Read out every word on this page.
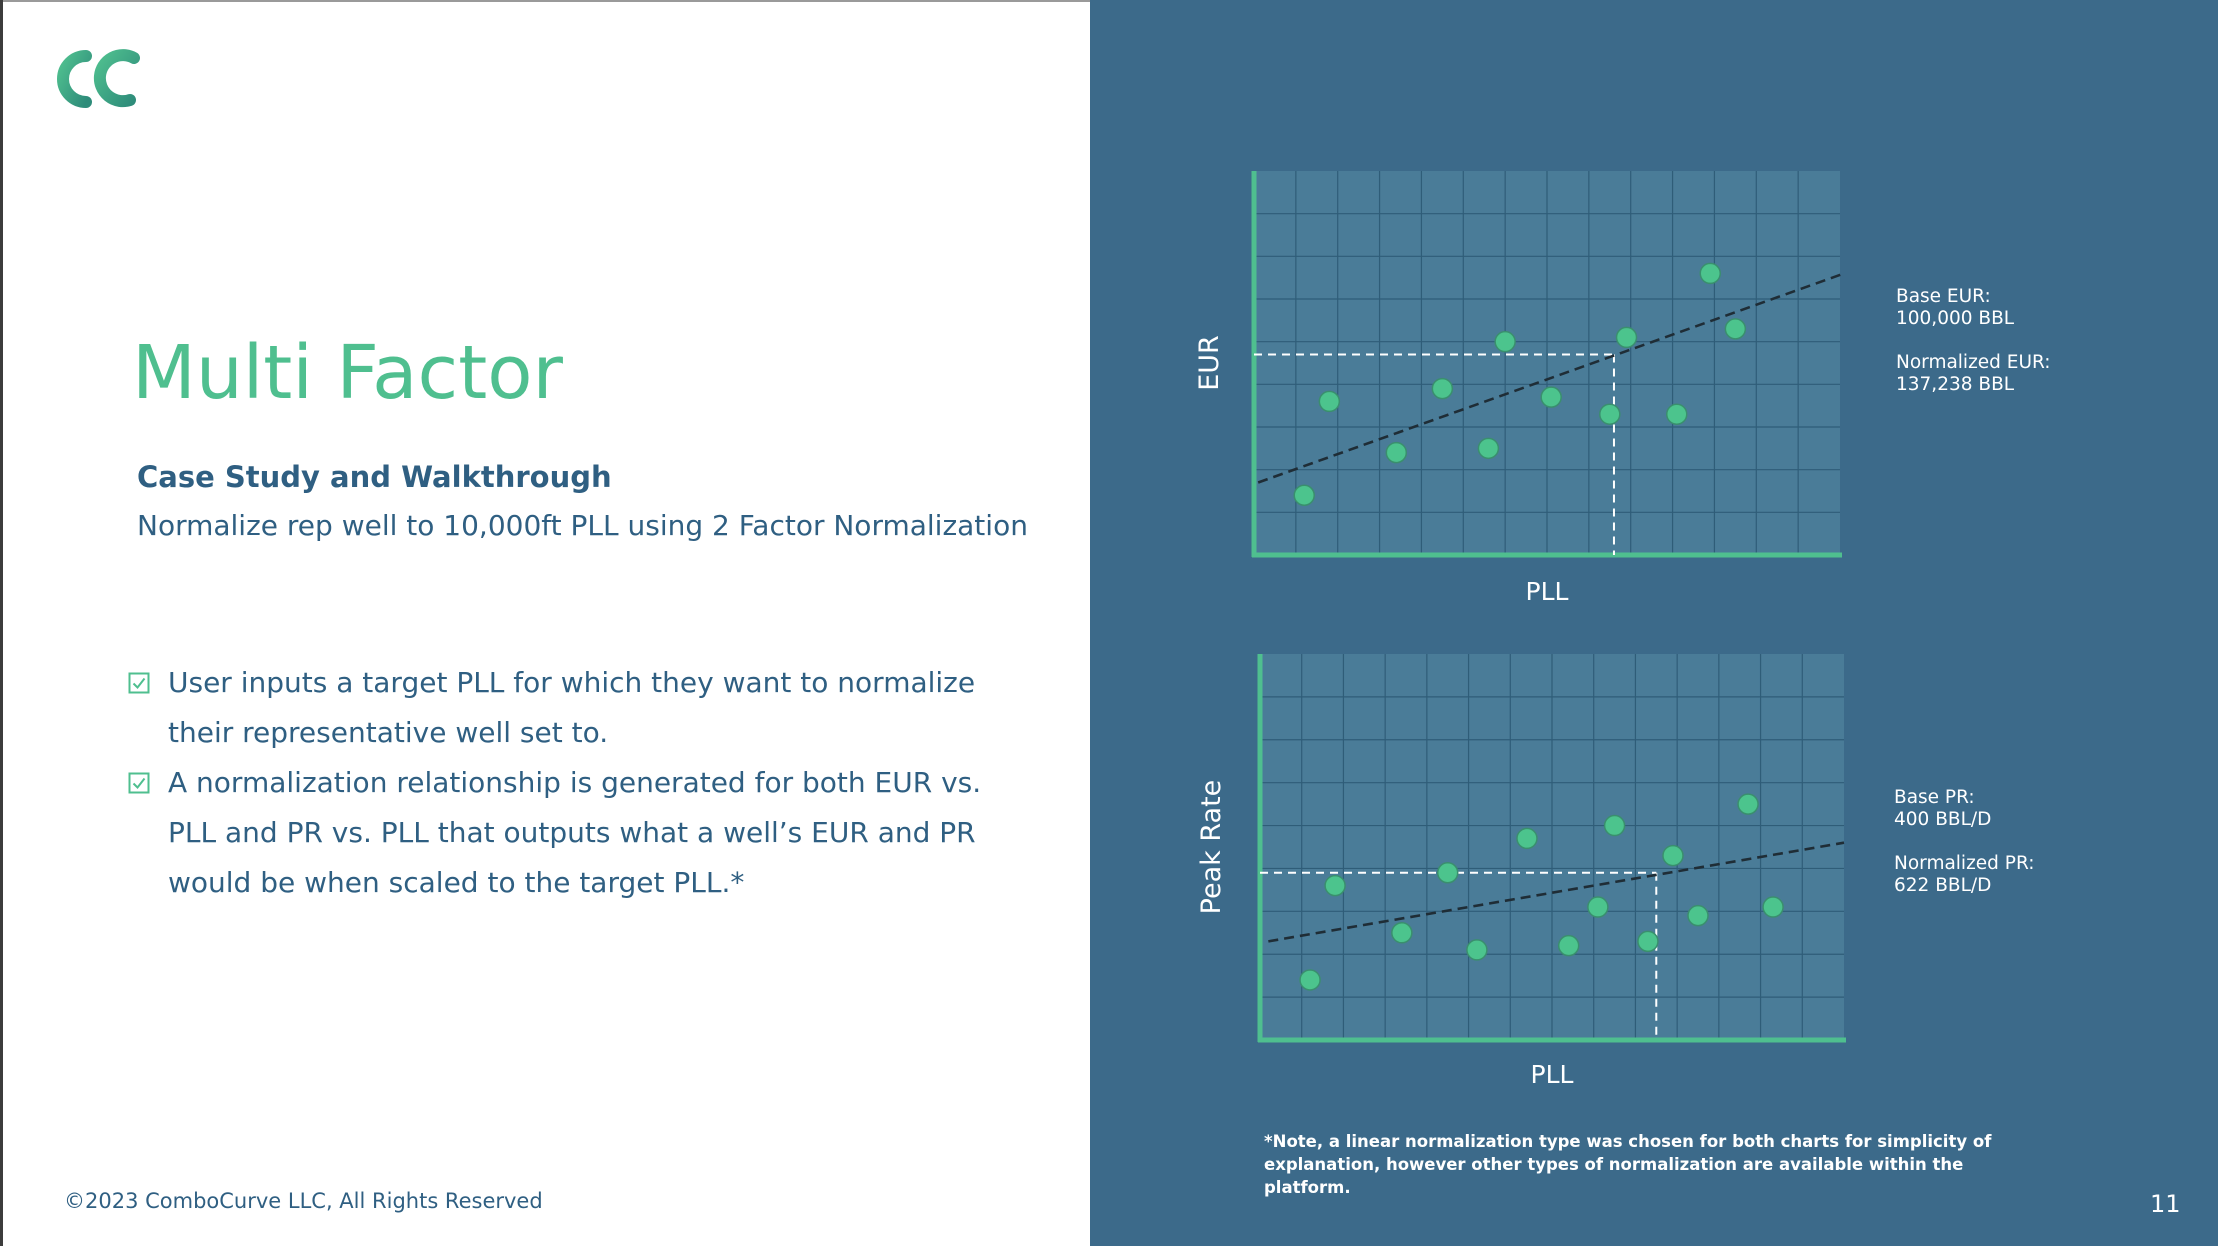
Multi Factor
Case Study and Walkthrough
Normalize rep well to 10,000ft PLL using 2 Factor Normalization
User inputs a target PLL for which they want to normalize their representative well set to.
A normalization relationship is generated for both EUR vs. PLL and PR vs. PLL that outputs what a well’s EUR and PR would be when scaled to the target PLL.*
©2023 ComboCurve LLC, All Rights Reserved
PLL
EUR
Base EUR:
100,000 BBL
Normalized EUR:
137,238 BBL
PLL
Peak Rate	Base PR:
400 BBL/D
Normalized PR:
622 BBL/D
*Note, a linear normalization type was chosen for both charts for simplicity of explanation, however other types of normalization are available within the platform.
11
